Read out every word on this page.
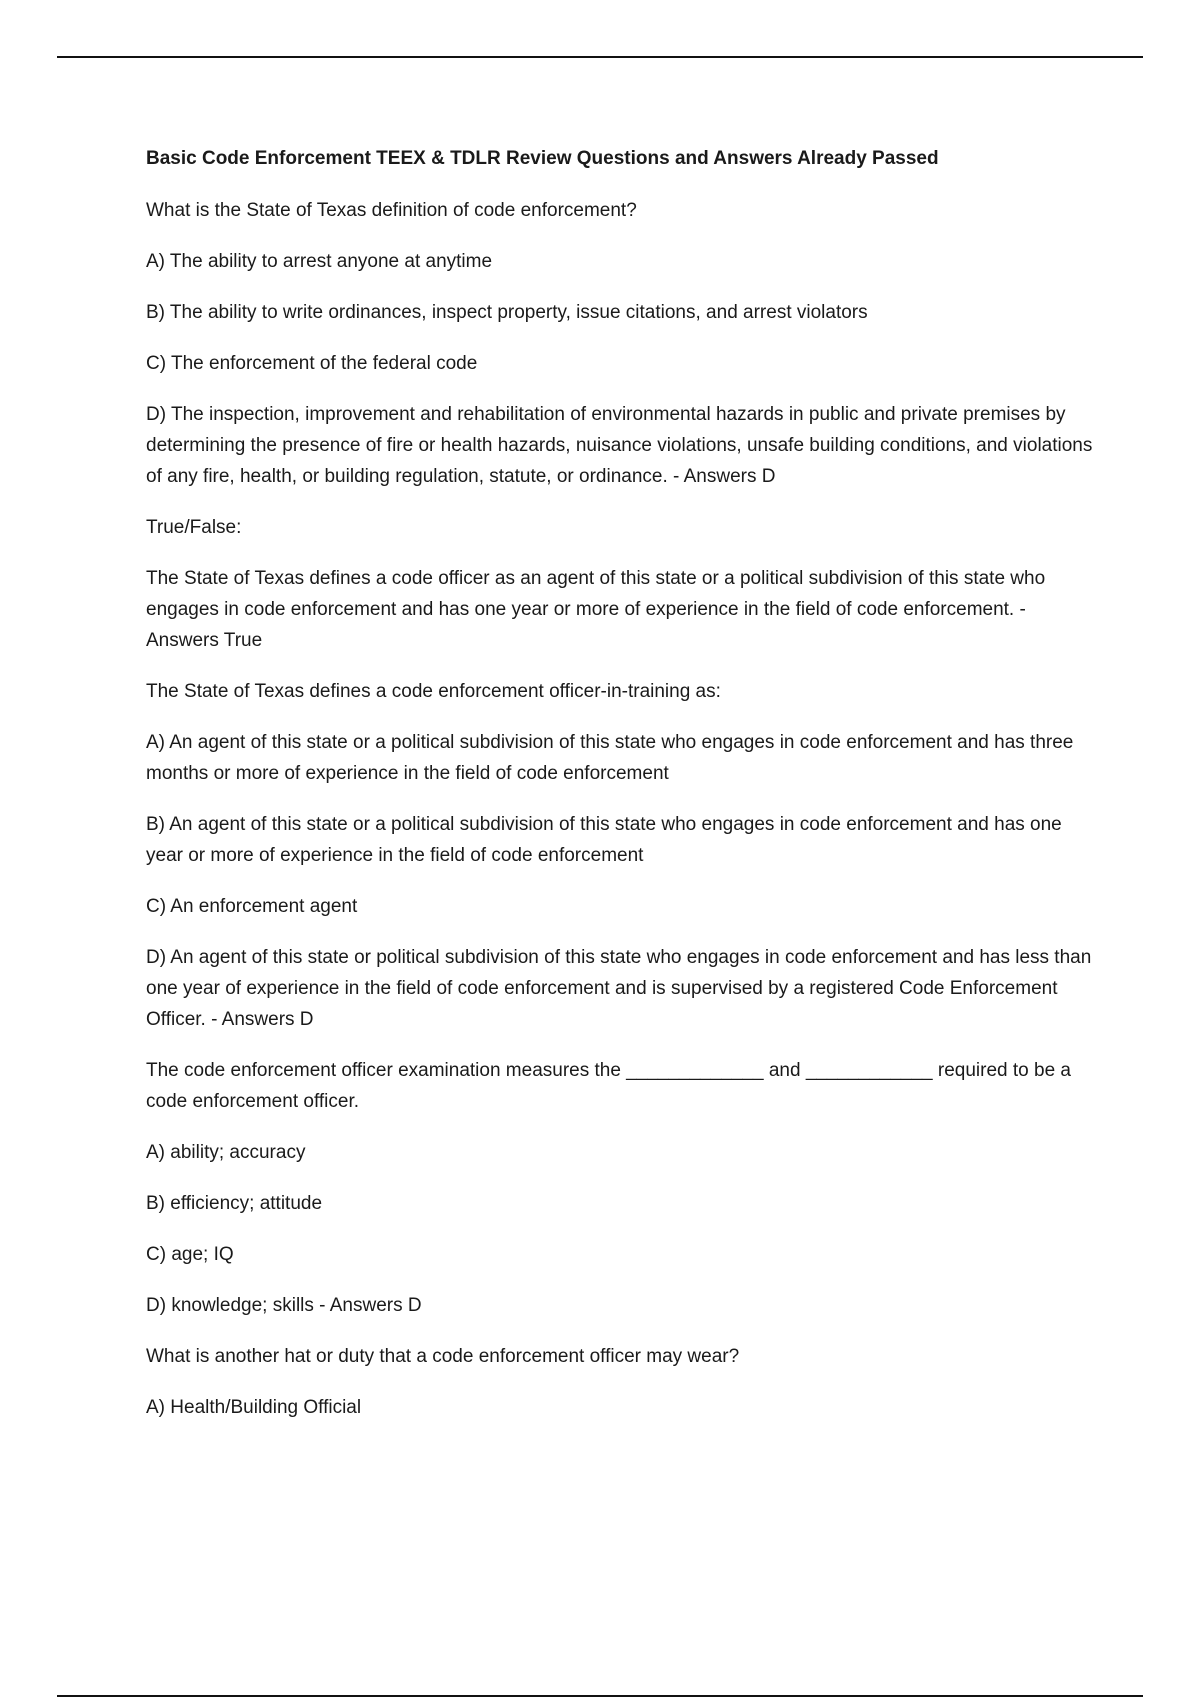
Basic Code Enforcement TEEX & TDLR Review Questions and Answers Already Passed

What is the State of Texas definition of code enforcement?

A) The ability to arrest anyone at anytime

B) The ability to write ordinances, inspect property, issue citations, and arrest violators

C) The enforcement of the federal code

D) The inspection, improvement and rehabilitation of environmental hazards in public and private premises by determining the presence of fire or health hazards, nuisance violations, unsafe building conditions, and violations of any fire, health, or building regulation, statute, or ordinance. - Answers D

True/False:

The State of Texas defines a code officer as an agent of this state or a political subdivision of this state who engages in code enforcement and has one year or more of experience in the field of code enforcement. - Answers True

The State of Texas defines a code enforcement officer-in-training as:

A) An agent of this state or a political subdivision of this state who engages in code enforcement and has three months or more of experience in the field of code enforcement

B) An agent of this state or a political subdivision of this state who engages in code enforcement and has one year or more of experience in the field of code enforcement

C) An enforcement agent

D) An agent of this state or political subdivision of this state who engages in code enforcement and has less than one year of experience in the field of code enforcement and is supervised by a registered Code Enforcement Officer. - Answers D

The code enforcement officer examination measures the _____________ and ____________ required to be a code enforcement officer.

A) ability; accuracy

B) efficiency; attitude

C) age; IQ

D) knowledge; skills - Answers D

What is another hat or duty that a code enforcement officer may wear?

A) Health/Building Official
